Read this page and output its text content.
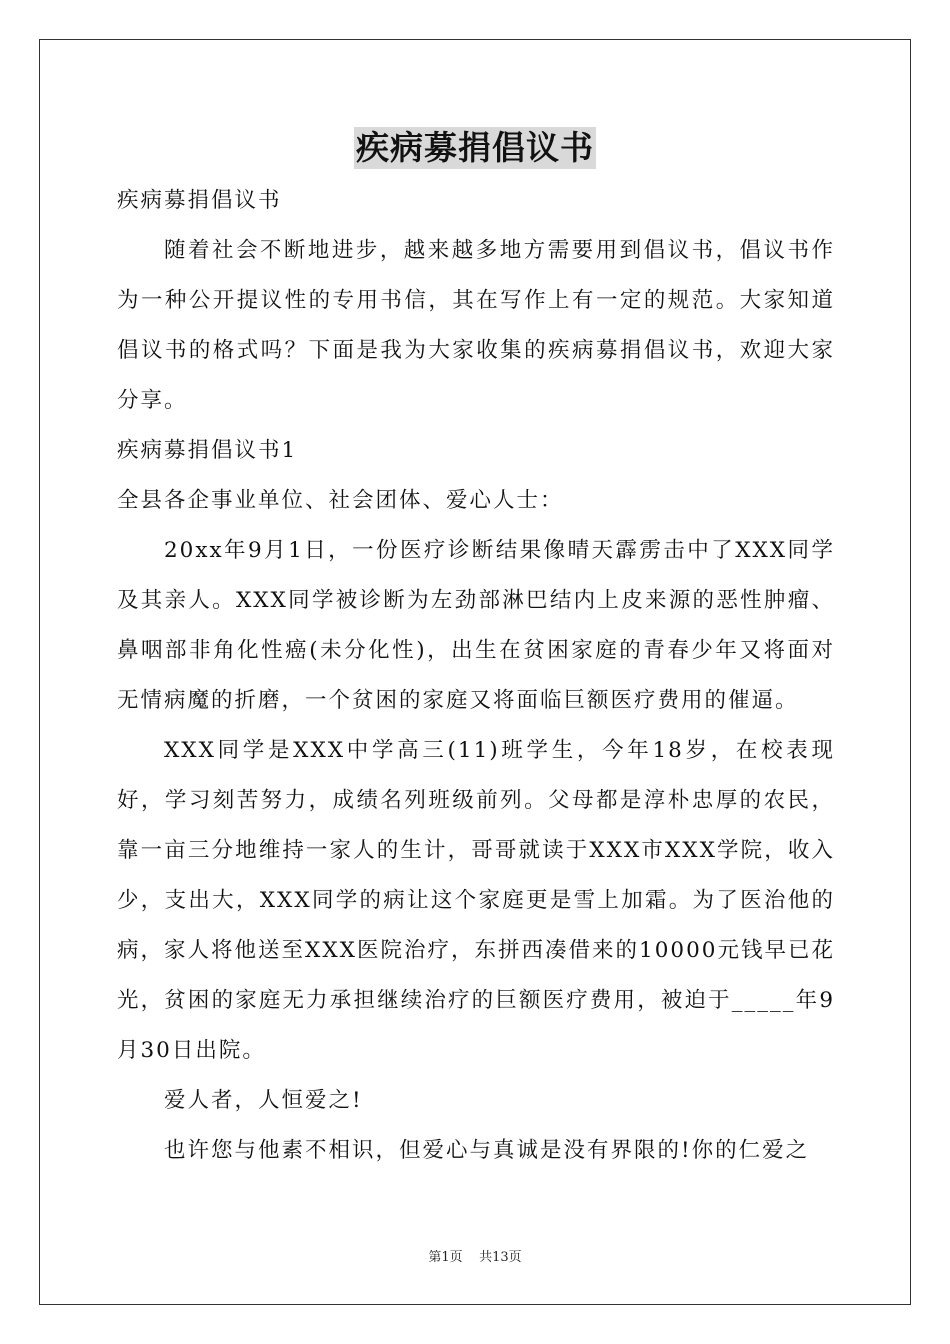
疾病募捐倡议书

疾病募捐倡议书

随着社会不断地进步，越来越多地方需要用到倡议书，倡议书作为一种公开提议性的专用书信，其在写作上有一定的规范。大家知道倡议书的格式吗？下面是我为大家收集的疾病募捐倡议书，欢迎大家分享。

疾病募捐倡议书1

全县各企事业单位、社会团体、爱心人士：

20xx年9月1日，一份医疗诊断结果像晴天霹雳击中了XXX同学及其亲人。XXX同学被诊断为左劲部淋巴结内上皮来源的恶性肿瘤、鼻咽部非角化性癌(未分化性)，出生在贫困家庭的青春少年又将面对无情病魔的折磨，一个贫困的家庭又将面临巨额医疗费用的催逼。

XXX同学是XXX中学高三(11)班学生，今年18岁，在校表现好，学习刻苦努力，成绩名列班级前列。父母都是淳朴忠厚的农民，靠一亩三分地维持一家人的生计，哥哥就读于XXX市XXX学院，收入少，支出大，XXX同学的病让这个家庭更是雪上加霜。为了医治他的病，家人将他送至XXX医院治疗，东拼西凑借来的10000元钱早已花光，贫困的家庭无力承担继续治疗的巨额医疗费用，被迫于_____年9月30日出院。

爱人者，人恒爱之!

也许您与他素不相识，但爱心与真诚是没有界限的!你的仁爱之

第1页    共13页
